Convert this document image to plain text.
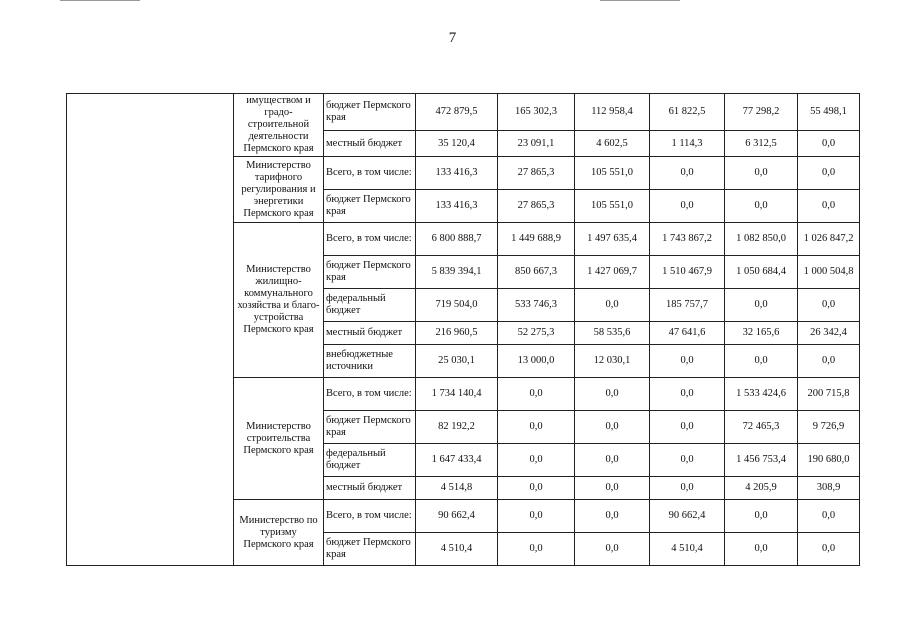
7
	имуществом и градо-строительной деятельности Пермского края	бюджет Пермского края	472 879,5	165 302,3	112 958,4	61 822,5	77 298,2	55 498,1
		местный бюджет	35 120,4	23 091,1	4 602,5	1 114,3	6 312,5	0,0
	Министерство тарифного регулирования и энергетики Пермского края	Всего, в том числе:	133 416,3	27 865,3	105 551,0	0,0	0,0	0,0
		бюджет Пермского края	133 416,3	27 865,3	105 551,0	0,0	0,0	0,0
	Министерство жилищно-коммунального хозяйства и благо-устройства Пермского края	Всего, в том числе:	6 800 888,7	1 449 688,9	1 497 635,4	1 743 867,2	1 082 850,0	1 026 847,2
		бюджет Пермского края	5 839 394,1	850 667,3	1 427 069,7	1 510 467,9	1 050 684,4	1 000 504,8
		федеральный бюджет	719 504,0	533 746,3	0,0	185 757,7	0,0	0,0
		местный бюджет	216 960,5	52 275,3	58 535,6	47 641,6	32 165,6	26 342,4
		внебюджетные источники	25 030,1	13 000,0	12 030,1	0,0	0,0	0,0
	Министерство строительства Пермского края	Всего, в том числе:	1 734 140,4	0,0	0,0	0,0	1 533 424,6	200 715,8
		бюджет Пермского края	82 192,2	0,0	0,0	0,0	72 465,3	9 726,9
		федеральный бюджет	1 647 433,4	0,0	0,0	0,0	1 456 753,4	190 680,0
		местный бюджет	4 514,8	0,0	0,0	0,0	4 205,9	308,9
	Министерство по туризму Пермского края	Всего, в том числе:	90 662,4	0,0	0,0	90 662,4	0,0	0,0
		бюджет Пермского края	4 510,4	0,0	0,0	4 510,4	0,0	0,0
